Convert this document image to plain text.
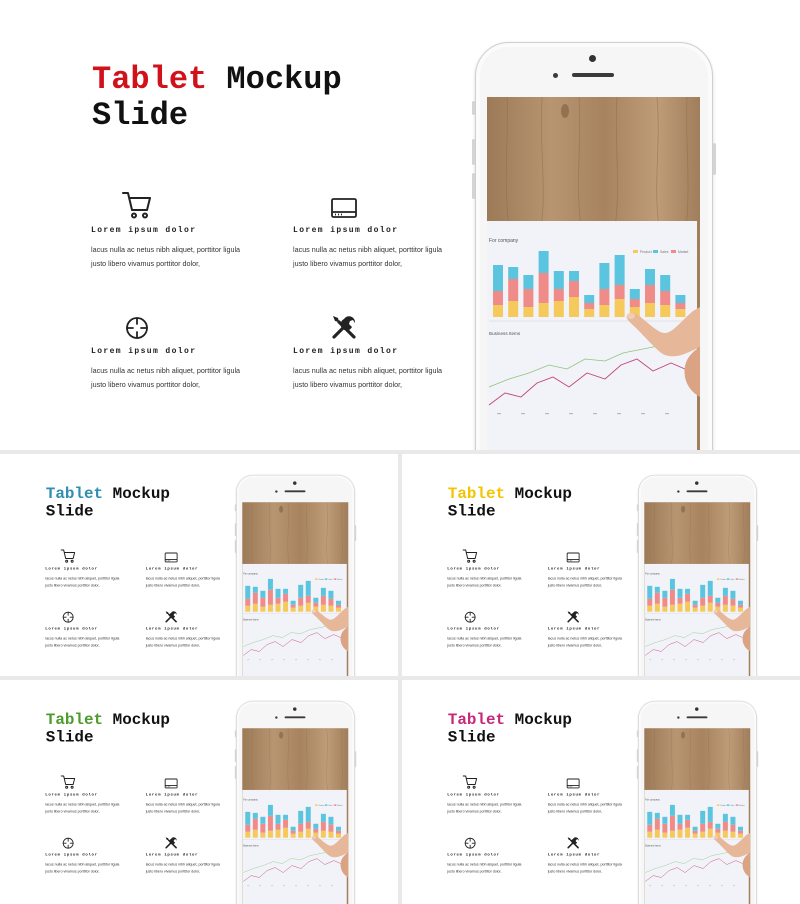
Tablet Mockup
Slide
Lorem ipsum dolor
lacus nulla ac netus nibh aliquet, porttitor ligula justo libero vivamus porttitor dolor,
Lorem ipsum dolor
lacus nulla ac netus nibh aliquet, porttitor ligula justo libero vivamus porttitor dolor,
Lorem ipsum dolor
lacus nulla ac netus nibh aliquet, porttitor ligula justo libero vivamus porttitor dolor,
Lorem ipsum dolor
lacus nulla ac netus nibh aliquet, porttitor ligula justo libero vivamus porttitor dolor,
For company
Product Sales	Market
Business Items
Tablet Mockup
Slide
Lorem ipsum dolor
lacus nulla ac netus nibh aliquet, porttitor ligula justo libero vivamus porttitor dolor,
Lorem ipsum dolor
lacus nulla ac netus nibh aliquet, porttitor ligula justo libero vivamus porttitor dolor,
Lorem ipsum dolor
lacus nulla ac netus nibh aliquet, porttitor ligula justo libero vivamus porttitor dolor,
Lorem ipsum dolor
lacus nulla ac netus nibh aliquet, porttitor ligula justo libero vivamus porttitor dolor,
For company
Product Sales Market
Business Items
Tablet Mockup
Slide
Lorem ipsum dolor
lacus nulla ac netus nibh aliquet, porttitor ligula justo libero vivamus porttitor dolor,
Lorem ipsum dolor
lacus nulla ac netus nibh aliquet, porttitor ligula justo libero vivamus porttitor dolor,
Lorem ipsum dolor
lacus nulla ac netus nibh aliquet, porttitor ligula justo libero vivamus porttitor dolor,
Lorem ipsum dolor
lacus nulla ac netus nibh aliquet, porttitor ligula justo libero vivamus porttitor dolor,
For company
Product Sales Market
Business Items
Tablet Mockup
Slide
Lorem ipsum dolor
lacus nulla ac netus nibh aliquet, porttitor ligula justo libero vivamus porttitor dolor,
Lorem ipsum dolor
lacus nulla ac netus nibh aliquet, porttitor ligula justo libero vivamus porttitor dolor,
Lorem ipsum dolor
lacus nulla ac netus nibh aliquet, porttitor ligula justo libero vivamus porttitor dolor,
Lorem ipsum dolor
lacus nulla ac netus nibh aliquet, porttitor ligula justo libero vivamus porttitor dolor,
For company
Product Sales Market
Business Items
Tablet Mockup
Slide
Lorem ipsum dolor
lacus nulla ac netus nibh aliquet, porttitor ligula justo libero vivamus porttitor dolor,
Lorem ipsum dolor
lacus nulla ac netus nibh aliquet, porttitor ligula justo libero vivamus porttitor dolor,
Lorem ipsum dolor
lacus nulla ac netus nibh aliquet, porttitor ligula justo libero vivamus porttitor dolor,
Lorem ipsum dolor
lacus nulla ac netus nibh aliquet, porttitor ligula justo libero vivamus porttitor dolor,
For company
Product Sales Market
Business Items
